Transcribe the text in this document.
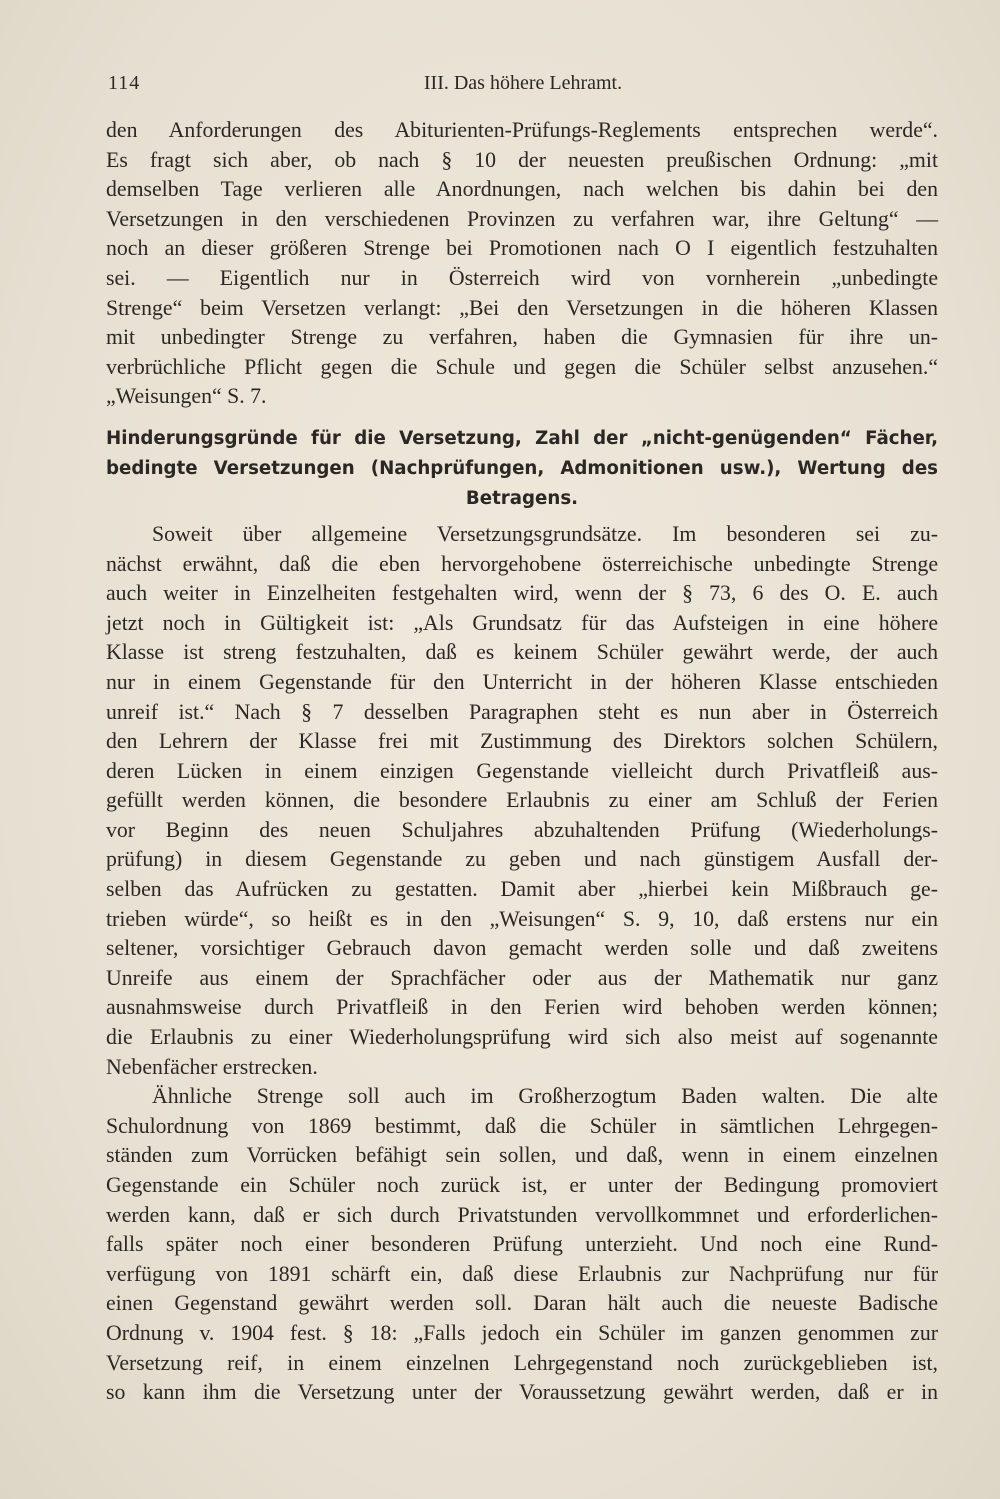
114	III. Das höhere Lehramt.
den Anforderungen des Abiturienten-Prüfungs-Reglements entsprechen werde“.
Es fragt sich aber, ob nach § 10 der neuesten preußischen Ordnung: „mit
demselben Tage verlieren alle Anordnungen, nach welchen bis dahin bei den
Versetzungen in den verschiedenen Provinzen zu verfahren war, ihre Geltung“ —
noch an dieser größeren Strenge bei Promotionen nach O I eigentlich festzuhalten
sei. — Eigentlich nur in Österreich wird von vornherein „unbedingte
Strenge“ beim Versetzen verlangt: „Bei den Versetzungen in die höheren Klassen
mit unbedingter Strenge zu verfahren, haben die Gymnasien für ihre un-
verbrüchliche Pflicht gegen die Schule und gegen die Schüler selbst anzusehen.“
„Weisungen“ S. 7.
Hinderungsgründe für die Versetzung, Zahl der „nicht-genügenden“ Fächer,
bedingte Versetzungen (Nachprüfungen, Admonitionen usw.), Wertung des
Betragens.
Soweit über allgemeine Versetzungsgrundsätze. Im besonderen sei zu-
nächst erwähnt, daß die eben hervorgehobene österreichische unbedingte Strenge
auch weiter in Einzelheiten festgehalten wird, wenn der § 73, 6 des O. E. auch
jetzt noch in Gültigkeit ist: „Als Grundsatz für das Aufsteigen in eine höhere
Klasse ist streng festzuhalten, daß es keinem Schüler gewährt werde, der auch
nur in einem Gegenstande für den Unterricht in der höheren Klasse entschieden
unreif ist.“ Nach § 7 desselben Paragraphen steht es nun aber in Österreich
den Lehrern der Klasse frei mit Zustimmung des Direktors solchen Schülern,
deren Lücken in einem einzigen Gegenstande vielleicht durch Privatfleiß aus-
gefüllt werden können, die besondere Erlaubnis zu einer am Schluß der Ferien
vor Beginn des neuen Schuljahres abzuhaltenden Prüfung (Wiederholungs-
prüfung) in diesem Gegenstande zu geben und nach günstigem Ausfall der-
selben das Aufrücken zu gestatten. Damit aber „hierbei kein Mißbrauch ge-
trieben würde“, so heißt es in den „Weisungen“ S. 9, 10, daß erstens nur ein
seltener, vorsichtiger Gebrauch davon gemacht werden solle und daß zweitens
Unreife aus einem der Sprachfächer oder aus der Mathematik nur ganz
ausnahmsweise durch Privatfleiß in den Ferien wird behoben werden können;
die Erlaubnis zu einer Wiederholungsprüfung wird sich also meist auf sogenannte
Nebenfächer erstrecken.
Ähnliche Strenge soll auch im Großherzogtum Baden walten. Die alte
Schulordnung von 1869 bestimmt, daß die Schüler in sämtlichen Lehrgegen-
ständen zum Vorrücken befähigt sein sollen, und daß, wenn in einem einzelnen
Gegenstande ein Schüler noch zurück ist, er unter der Bedingung promoviert
werden kann, daß er sich durch Privatstunden vervollkommnet und erforderlichen-
falls später noch einer besonderen Prüfung unterzieht. Und noch eine Rund-
verfügung von 1891 schärft ein, daß diese Erlaubnis zur Nachprüfung nur für
einen Gegenstand gewährt werden soll. Daran hält auch die neueste Badische
Ordnung v. 1904 fest. § 18: „Falls jedoch ein Schüler im ganzen genommen zur
Versetzung reif, in einem einzelnen Lehrgegenstand noch zurückgeblieben ist,
so kann ihm die Versetzung unter der Voraussetzung gewährt werden, daß er in
